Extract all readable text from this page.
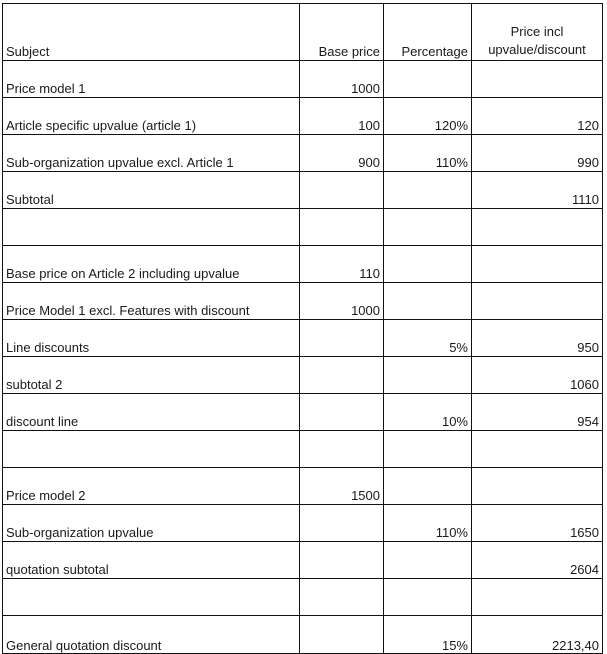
Subject	Base price	Percentage	Price incl
upvalue/discount
Price model 1	1000		
Article specific upvalue (article 1)	100	120%	120
Sub-organization upvalue excl. Article 1	900	110%	990
Subtotal			1110

Base price on Article 2 including upvalue	110		
Price Model 1 excl. Features with discount	1000		
Line discounts		5%	950
subtotal 2			1060
discount line		10%	954

Price model 2	1500		
Sub-organization upvalue		110%	1650
quotation subtotal			2604

General quotation discount		15%	2213,40
